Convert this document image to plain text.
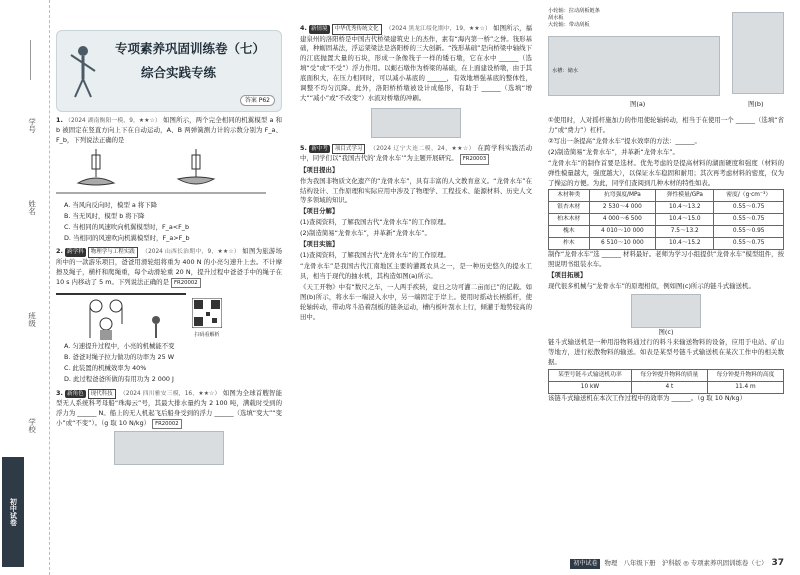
学号
姓名
班级
学校
初中试卷
专项素养巩固训练卷（七）
综合实践专练
答案 P62

1. （2024 湖南衡阳一模，9，★★☆） 如图所示，两个完全相同的机翼模型 a 和 b 被固定在竖直方向上下在自动运动，A、B 两弹簧测力计的示数分别为 F_a、F_b，下列说法正确的是

A. 当风向反向时，模型 a 将下降

B. 当无风时，模型 b 将下降

C. 当相同的风速吹向机翼模型时，F_a<F_b

D. 当相同的风速吹向机翼模型时，F_a>F_b

2. 跨学科 物理学与工程实践 （2024 山西长治期中，9，★★☆） 如图为旅游场所中的一款游乐项目，爸爸用滑轮组将重为 400 N 的小亮匀速升上去。不计摩擦及绳子，横杆和爬绳重，每个动滑轮重 20 N，提升过程中爸爸手中的绳子在 10 s 内移动了 5 m。下列说法正确的是 FR20002

扫码看解析

A. 匀速提升过程中，小亮的机械能不变

B. 爸爸对绳子拉力做功的功率为 25 W

C. 此装置的机械效率为 40%

D. 此过程爸爸所做的有用功为 2 000 J

3. 新角色 现代科技 （2024 四川雅安三模，16，★★☆） 如图为全球首艘智能型无人系统科考母船“珠海云”号，其最大排水量约为 2 100 吨，满载时受到的浮力为 ______ N。船上的无人机起飞后船身受到的浮力 ______（选填“变大”“变小”或“不变”）。（g 取 10 N/kg） FR20002

4. 新情境 中华优秀传统文化 （2024 黑龙江绥化期中，19，★★☆） 如图所示，福建泉州的洛阳桥是中国古代桥梁建筑史上的杰作，素有“海内第一桥”之誉。筏形基础，种蛎固基法，浮运架梁法是洛阳桥的三大创新。“筏形基础”是向桥梁中轴线下的江底抛置大量的石块，形成一条像筏子一样的矮石墩，它在水中 ______（选填“受”或“不受”）浮力作用。以蛎石墩作为桥梁的基础，在上面建设桥墩，由于其底面积大，在压力相同时，可以减小基底的 ______，有效地增强基底的整体性，调整不均匀沉降。此外，洛阳桥桥墩被设计成船形，有助于 ______（选填“增大”“减小”或“不改变”）水流对桥墩的冲刷。

5. 新中考 项目式学习 （2024 辽宁大连二模，24，★★☆） 在跨学科实践活动中，同学们以“我国古代的‘龙骨水车’”为主题开展研究。 FR20003

【项目提出】

作为我国非物质文化遗产的“龙骨水车”，具有丰富的人文教育意义。“龙骨水车”在结构设计、工作原理和实际应用中涉及了物理学、工程技术、能源材料、历史人文等多领域的知识。

【项目分解】

(1)查阅资料，了解我国古代“龙骨水车”的工作原理。

(2)制造简易“龙骨水车”，并革新“龙骨水车”。

【项目实施】

(1)查阅资料，了解我国古代“龙骨水车”的工作原理。

“龙骨水车”是我国古代江南地区主要的灌溉农具之一，是一种历史悠久的提水工具，相当于现代的抽水机，其构造如图(a)所示。

《天工开物》中有“数尺之车，一人两手疾转，竟日之功可灌二亩而已”的记载。如图(b)所示，将水车一端浸入水中，另一端固定于岸上。使用时摇动长柄摇杆，使轮轴转动，带动戽斗沿着刮板的链条运动，槽内板叶刮水上行，倾灌于地势较高的田中。

小轮轴：拉动刮板链条
刮水板
大轮轴：带动刮板
水槽：储水
图(a)	图(b)

①使用时，人对摇杆施加力的作用使轮轴转动，相当于在使用一个 ______（选填“省力”或“费力”）杠杆。

②写出一条提高“龙骨水车”提水效率的方法：______。

(2)制造简易“龙骨水车”，并革新“龙骨水车”。

“龙骨水车”的制作首要是选材。优先考虑的是提高材料的湖面硬度和强度（材料的弹性模量越大，强度越大），以保证水车稳固和耐用；其次再考虑材料的密度，仅为了操运的方便。为此，同学们查阅到几种木材的特性如表。

木材种类	抗弯强度/MPa	弹性模量/GPa	密度/（g·cm⁻³）
银杏木材	2 530～4 000	10.4～13.2	0.55～0.75
柏木木材	4 000～6 500	10.4～15.0	0.55～0.75
槐木	4 010～10 000	7.5～13.2	0.55～0.95
柞木	6 510～10 000	10.4～15.2	0.55～0.75

制作“龙骨水车”选 ______ 材料最好。老师为学习小组提供“龙骨水车”模型组件，按照说明书组装水车。

【项目拓展】

现代很多机械与“龙骨水车”的原理相似，例如图(c)所示的链斗式输送机。

图(c)

链斗式输送机是一种用沿物料通过行的料斗来输送物料的设备，应用于电站、矿山等地方，进行松散物料的输送。如表是某型号链斗式输送机在某次工作中的相关数据。

某型号链斗式输送机功率	每分钟提升物料的质量	每分钟提升物料的高度
10 kW	4 t	11.4 m

该链斗式输送机在本次工作过程中的效率为 ______。（g 取 10 N/kg）

初中试卷	物理　八年级下册　沪科版 ◎ 专项素养巩固训练卷（七） 37
